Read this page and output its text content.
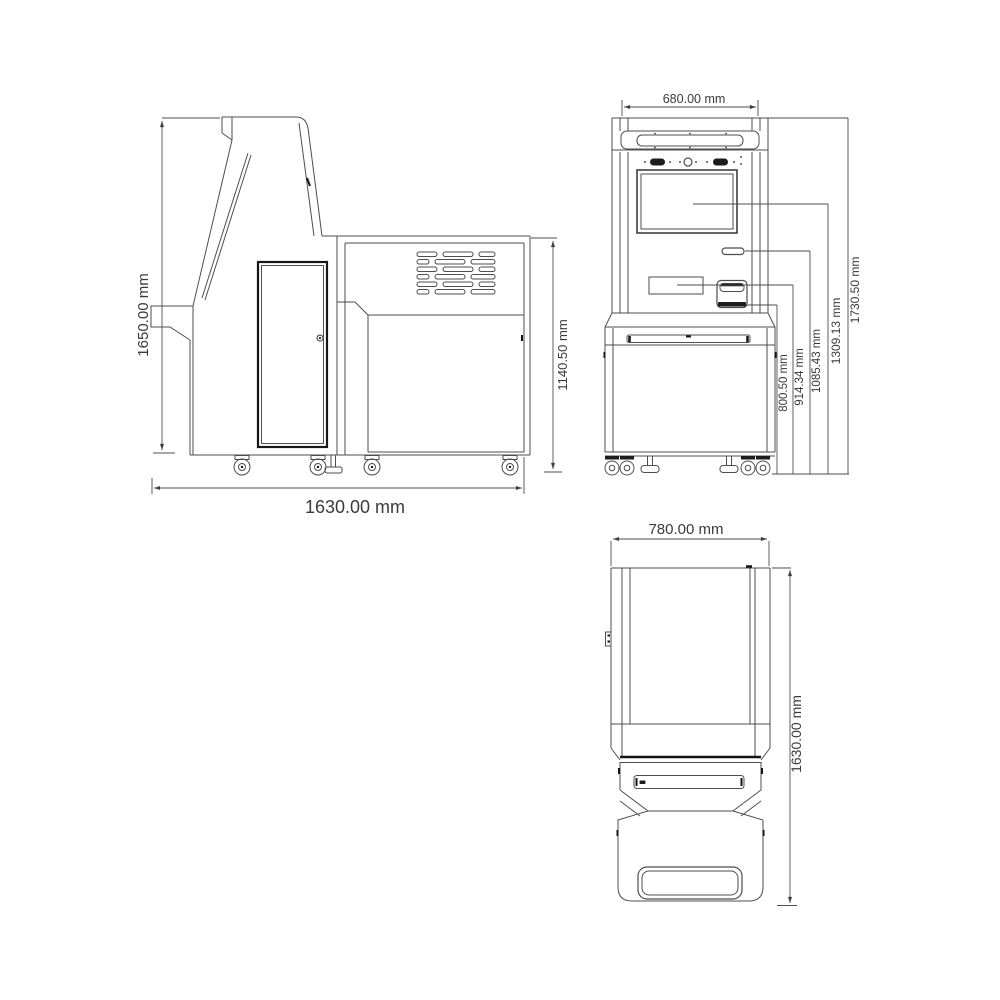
1650.00 mm
1630.00 mm
1140.50 mm
680.00 mm
800.50 mm 914.34 mm 1085.43 mm 1309.13 mm
1730.50 mm
780.00 mm
1630.00 mm
